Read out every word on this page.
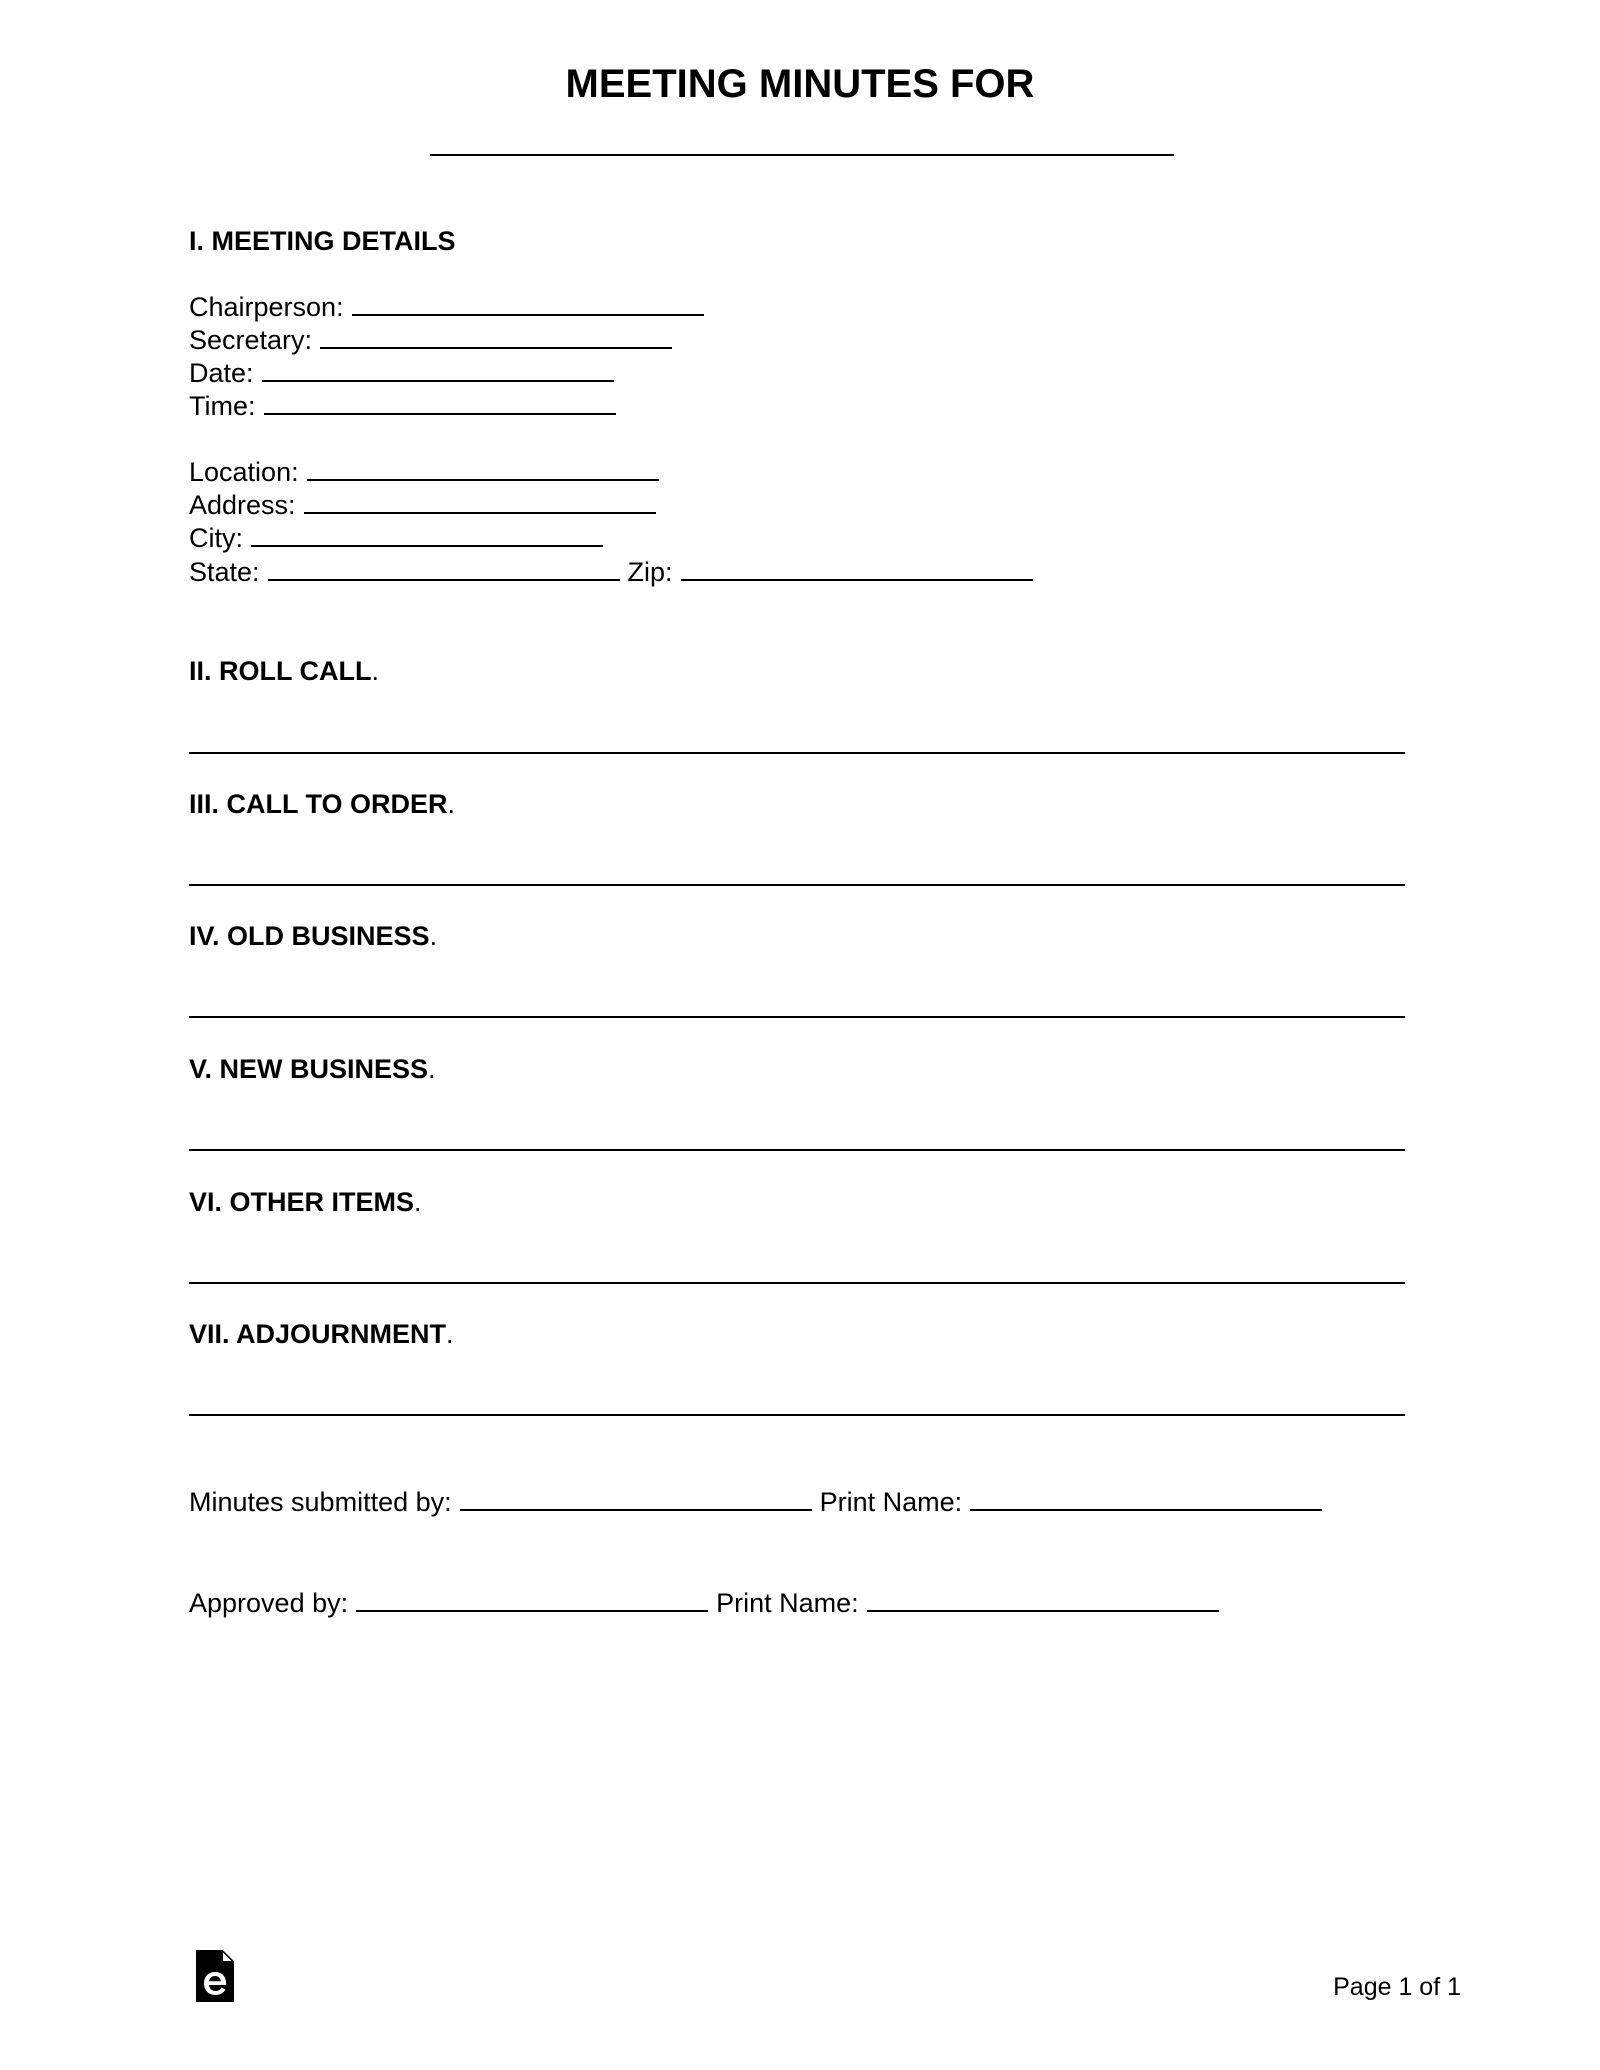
MEETING MINUTES FOR
I. MEETING DETAILS
Chairperson:
Secretary:
Date:
Time:
Location:
Address:
City:
State:	Zip:
II. ROLL CALL.
III. CALL TO ORDER.
IV. OLD BUSINESS.
V. NEW BUSINESS.
VI. OTHER ITEMS.
VII. ADJOURNMENT.
Minutes submitted by:	Print Name:
Approved by:	Print Name:
Page 1 of 1
